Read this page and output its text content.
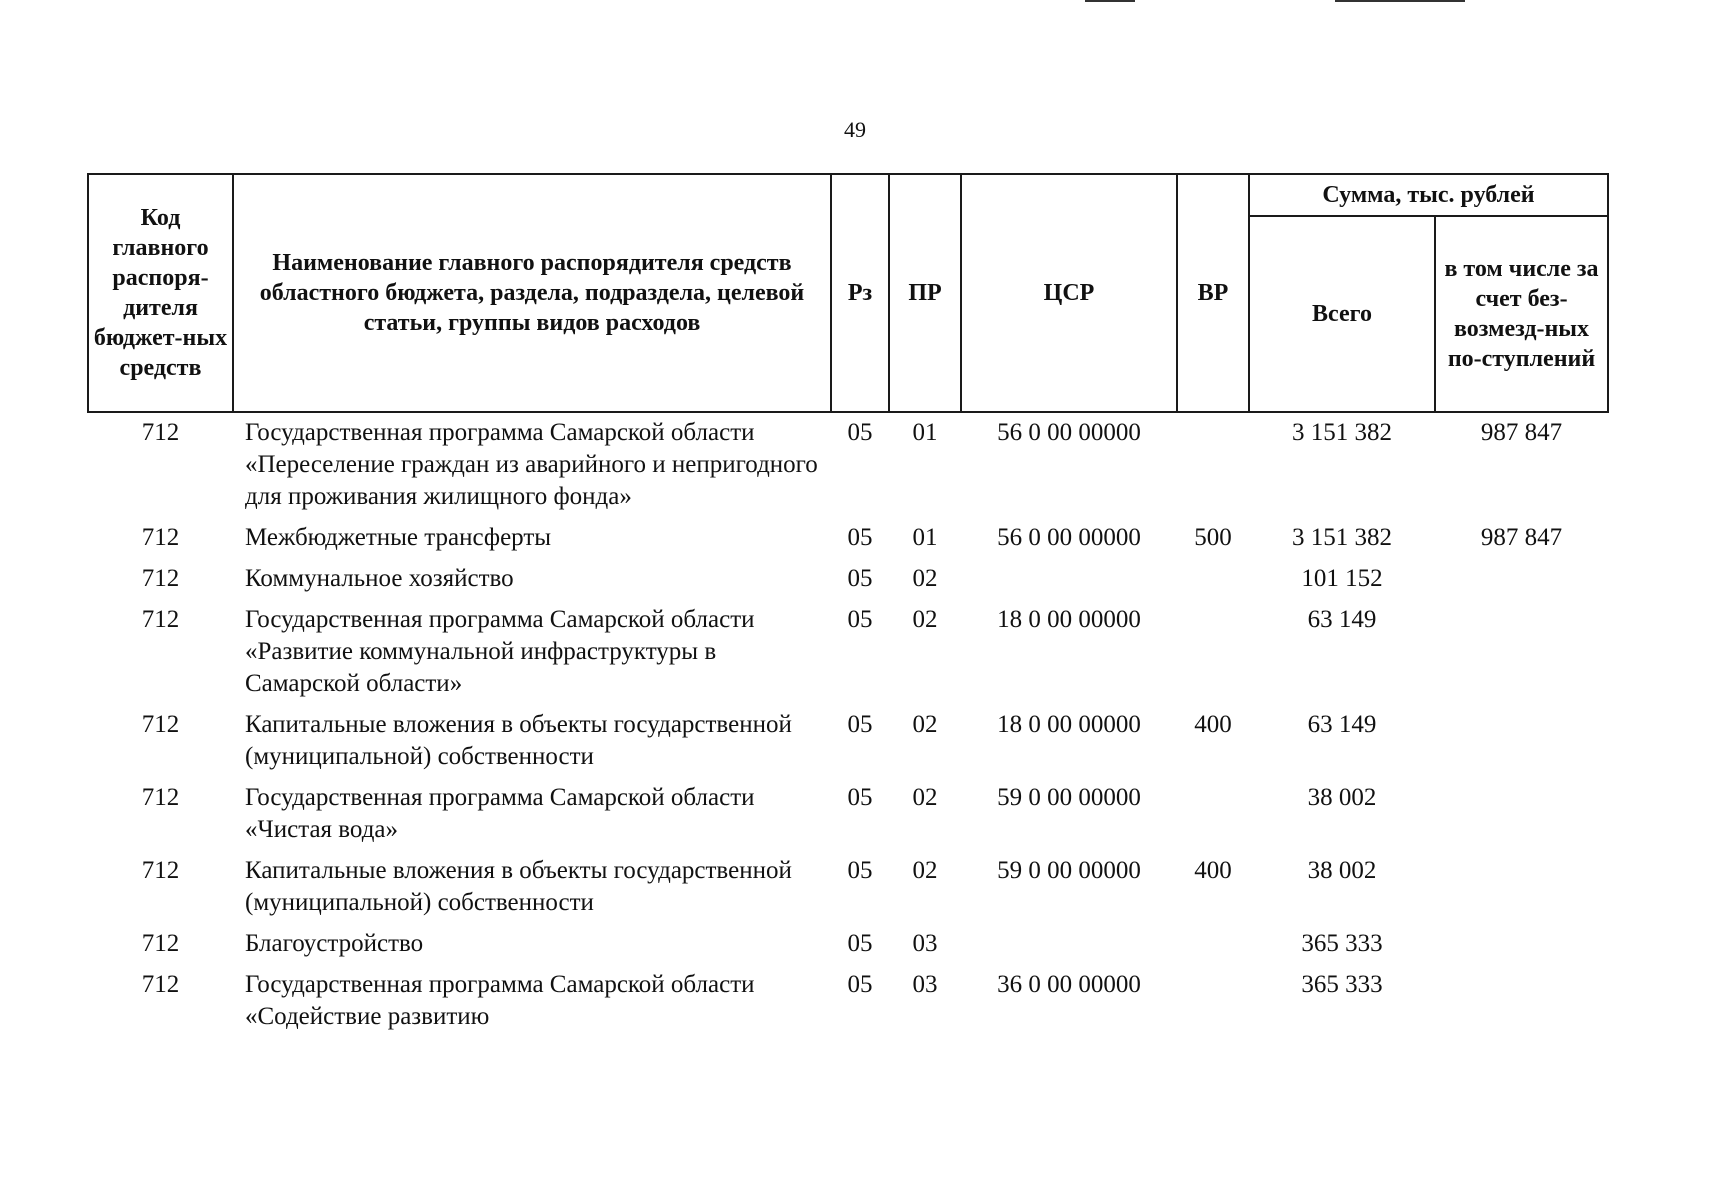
49
Код главного распоря-дителя бюджет-ных средств	Наименование главного распорядителя средств областного бюджета, раздела, подраздела, целевой статьи, группы видов расходов	Рз	ПР	ЦСР	ВР	Сумма, тыс. рублей	
						Всего	в том числе за счет без-возмезд-ных по-ступлений
712	Государственная программа Самарской области «Переселение граждан из аварийного и непригодного для проживания жилищного фонда»	05	01	56 0 00 00000		3 151 382	987 847
712	Межбюджетные трансферты	05	01	56 0 00 00000	500	3 151 382	987 847
712	Коммунальное хозяйство	05	02			101 152	
712	Государственная программа Самарской области «Развитие коммунальной инфраструктуры в Самарской области»	05	02	18 0 00 00000		63 149	
712	Капитальные вложения в объекты государственной (муниципальной) собственности	05	02	18 0 00 00000	400	63 149	
712	Государственная программа Самарской области «Чистая вода»	05	02	59 0 00 00000		38 002	
712	Капитальные вложения в объекты государственной (муниципальной) собственности	05	02	59 0 00 00000	400	38 002	
712	Благоустройство	05	03			365 333	
712	Государственная программа Самарской области «Содействие развитию	05	03	36 0 00 00000		365 333	
